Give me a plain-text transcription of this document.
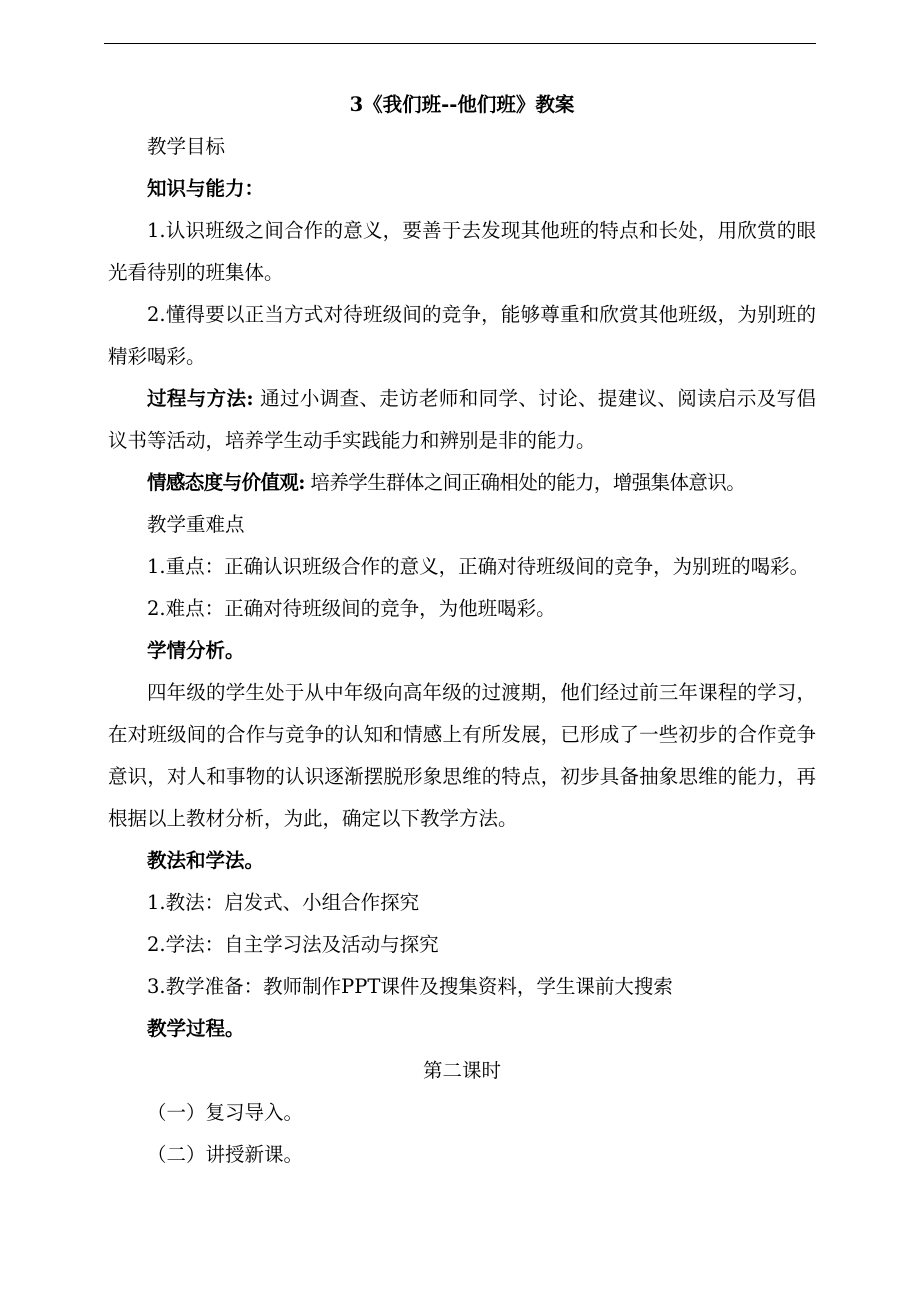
3《我们班--他们班》教案

教学目标

知识与能力：

1.认识班级之间合作的意义，要善于去发现其他班的特点和长处，用欣赏的眼光看待别的班集体。

2.懂得要以正当方式对待班级间的竞争，能够尊重和欣赏其他班级，为别班的精彩喝彩。

过程与方法: 通过小调查、走访老师和同学、讨论、提建议、阅读启示及写倡议书等活动，培养学生动手实践能力和辨别是非的能力。

情感态度与价值观: 培养学生群体之间正确相处的能力，增强集体意识。

教学重难点

1.重点：正确认识班级合作的意义，正确对待班级间的竞争，为别班的喝彩。

2.难点：正确对待班级间的竞争，为他班喝彩。

学情分析。

四年级的学生处于从中年级向高年级的过渡期，他们经过前三年课程的学习，在对班级间的合作与竞争的认知和情感上有所发展，已形成了一些初步的合作竞争意识，对人和事物的认识逐渐摆脱形象思维的特点，初步具备抽象思维的能力，再根据以上教材分析，为此，确定以下教学方法。

教法和学法。

1.教法：启发式、小组合作探究

2.学法：自主学习法及活动与探究

3.教学准备：教师制作PPT课件及搜集资料，学生课前大搜索

教学过程。

第二课时

（一）复习导入。

（二）讲授新课。
